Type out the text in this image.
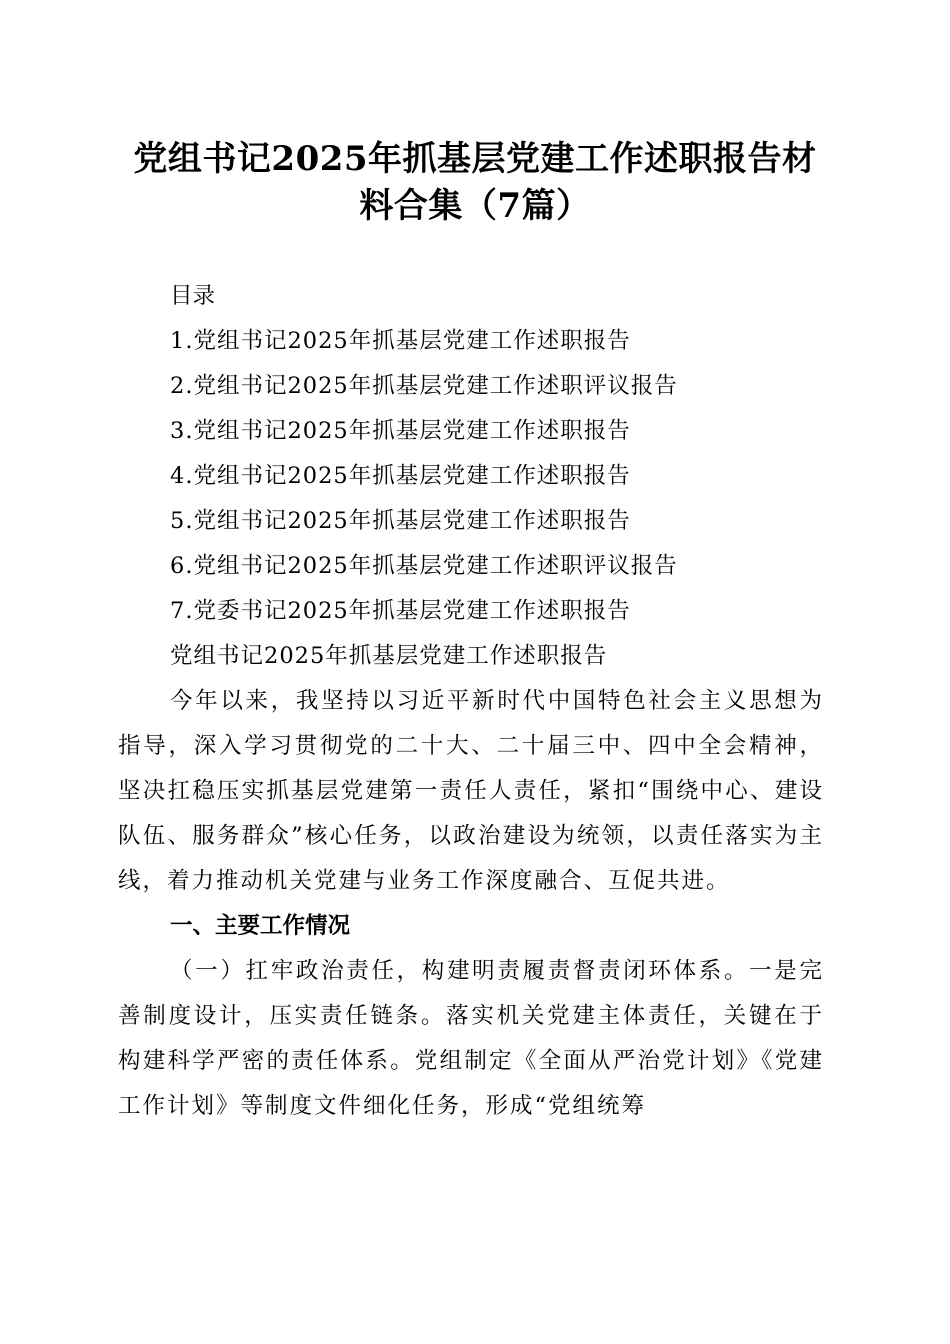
党组书记2025年抓基层党建工作述职报告材
料合集（7篇）

目录

1.党组书记2025年抓基层党建工作述职报告

2.党组书记2025年抓基层党建工作述职评议报告

3.党组书记2025年抓基层党建工作述职报告

4.党组书记2025年抓基层党建工作述职报告

5.党组书记2025年抓基层党建工作述职报告

6.党组书记2025年抓基层党建工作述职评议报告

7.党委书记2025年抓基层党建工作述职报告

党组书记2025年抓基层党建工作述职报告

今年以来，我坚持以习近平新时代中国特色社会主义思想为指导，深入学习贯彻党的二十大、二十届三中、四中全会精神，坚决扛稳压实抓基层党建第一责任人责任，紧扣“围绕中心、建设队伍、服务群众”核心任务，以政治建设为统领，以责任落实为主线，着力推动机关党建与业务工作深度融合、互促共进。

一、主要工作情况

（一）扛牢政治责任，构建明责履责督责闭环体系。一是完善制度设计，压实责任链条。落实机关党建主体责任，关键在于构建科学严密的责任体系。党组制定《全面从严治党计划》《党建工作计划》等制度文件细化任务，形成“党组统筹
